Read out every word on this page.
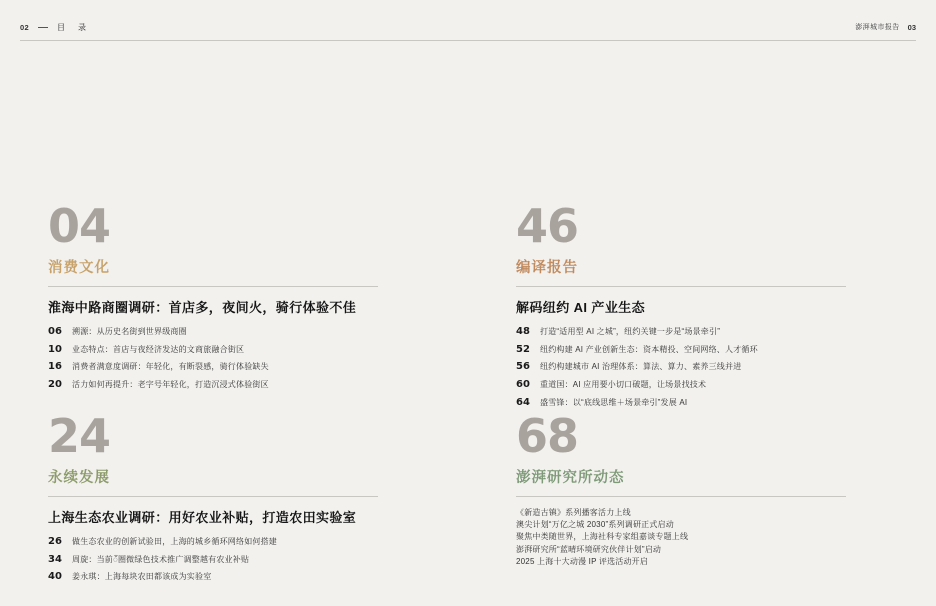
02	目　录	澎湃城市报告 03
04
消费文化
淮海中路商圈调研：首店多，夜间火，骑行体验不佳
06	溯源：从历史名街到世界级商圈
10	业态特点：首店与夜经济发达的文商旅融合街区
16	消费者满意度调研：年轻化，有断裂感，骑行体验缺失
20	活力如何再提升：老字号年轻化，打造沉浸式体验街区
46
编译报告
解码纽约 AI 产业生态
48	打造“适用型 AI 之城”，纽约关键一步是“场景牵引”
52	纽约构建 AI 产业创新生态：资本精投、空间网络、人才循环
56	纽约构建城市 AI 治理体系：算法、算力、素养三线并进
60	重道国：AI 应用要小切口破题，让场景找技术
64	盛雪锋：以“底线思维＋场景牵引”发展 AI
24
永续发展
上海生态农业调研：用好农业补贴，打造农田实验室
26	做生态农业的创新试验田，上海的城乡循环网络如何搭建
34	周旋：当前ँ圈微绿色技术推广调整越有农业补贴
40	姜永琪：上海每块农田都该成为实验室
68
澎湃研究所动态
《新造古镇》系列播客活力上线
澳尖计划“万亿之城 2030”系列调研正式启动
聚焦中类随世界，上海社科专家组嘉谈专题上线
澎湃研究所“蓝晴环境研究伙伴计划”启动
2025 上海十大动漫 IP 评选活动开启
